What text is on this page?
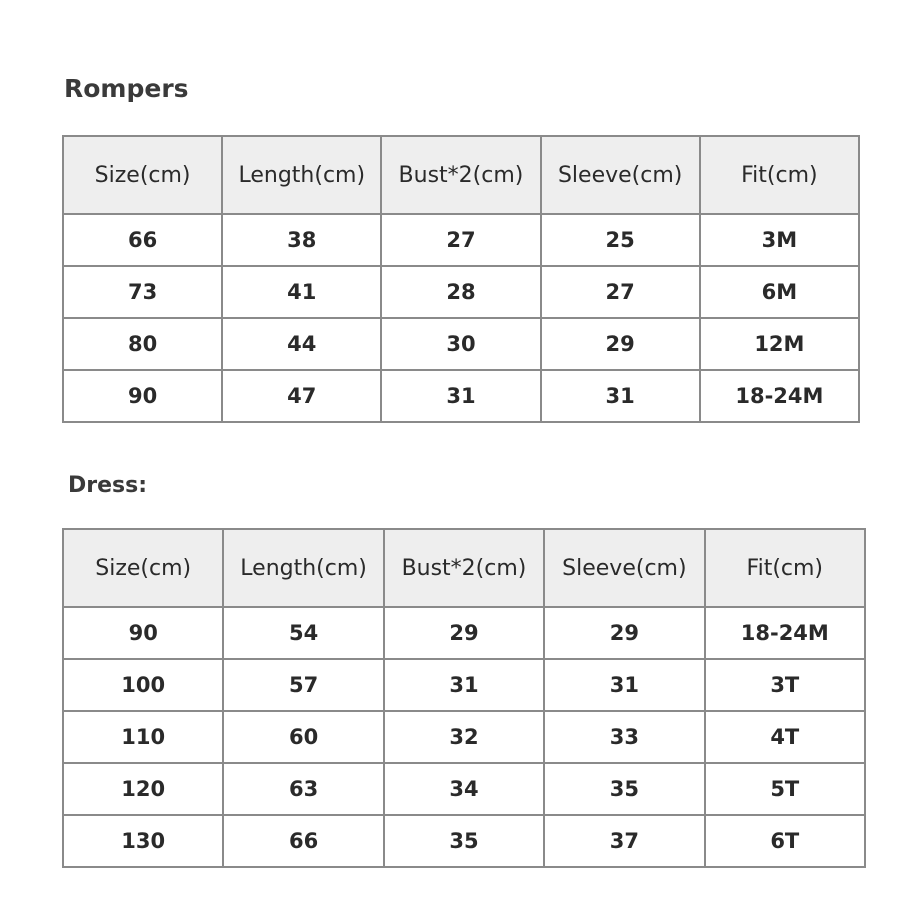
Rompers
Size(cm)	Length(cm)	Bust*2(cm)	Sleeve(cm)	Fit(cm)
66	38	27	25	3M
73	41	28	27	6M
80	44	30	29	12M
90	47	31	31	18-24M
Dress:
Size(cm)	Length(cm)	Bust*2(cm)	Sleeve(cm)	Fit(cm)
90	54	29	29	18-24M
100	57	31	31	3T
110	60	32	33	4T
120	63	34	35	5T
130	66	35	37	6T
